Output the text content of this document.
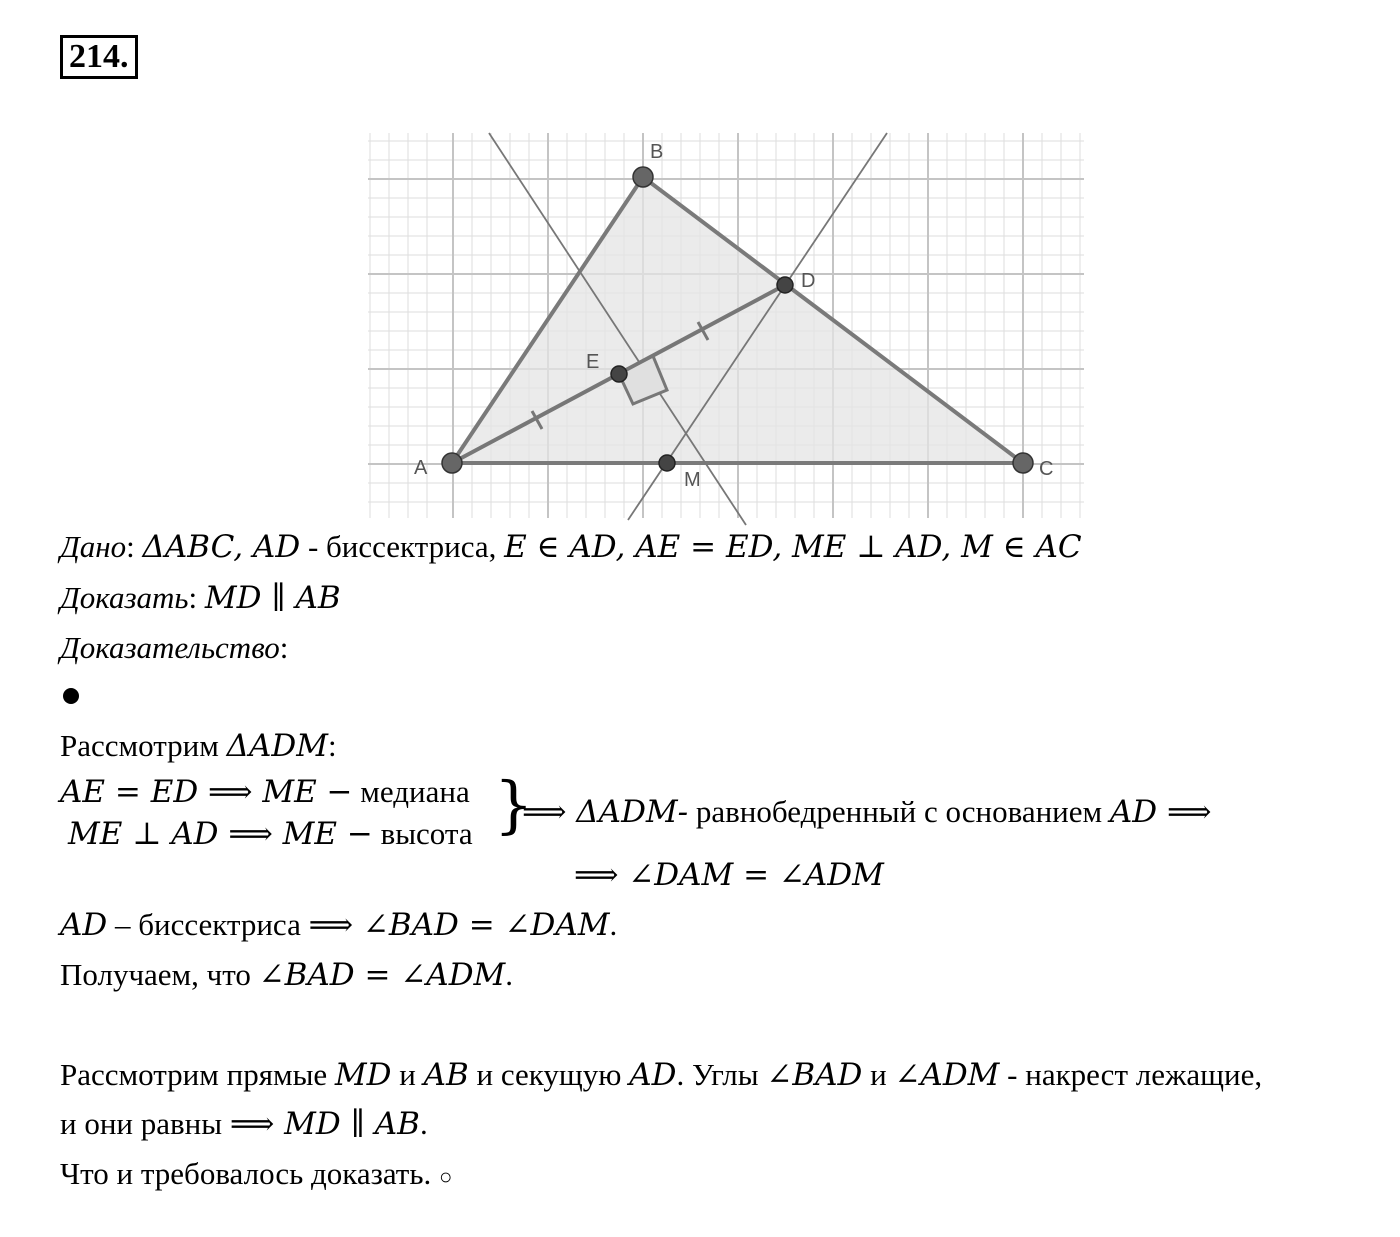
214.
B
A	C
D
E
M
Дано: ΔABC, AD - биссектриса, E ∈ AD, AE = ED, ME ⊥ AD, M ∈ AC
Доказать: MD ∥ AB
Доказательство:
Рассмотрим ΔADM:
AE = ED ⟹ ME − медиана
ME ⊥ AD ⟹ ME − высота }
⟹ ΔADM- равнобедренный с основанием AD ⟹
⟹ ∠DAM = ∠ADM
AD – биссектриса ⟹ ∠BAD = ∠DAM.
Получаем, что ∠BAD = ∠ADM.
Рассмотрим прямые MD и AB и секущую AD. Углы ∠BAD и ∠ADM - накрест лежащие,
и они равны ⟹ MD ∥ AB.
Что и требовалось доказать. ○
